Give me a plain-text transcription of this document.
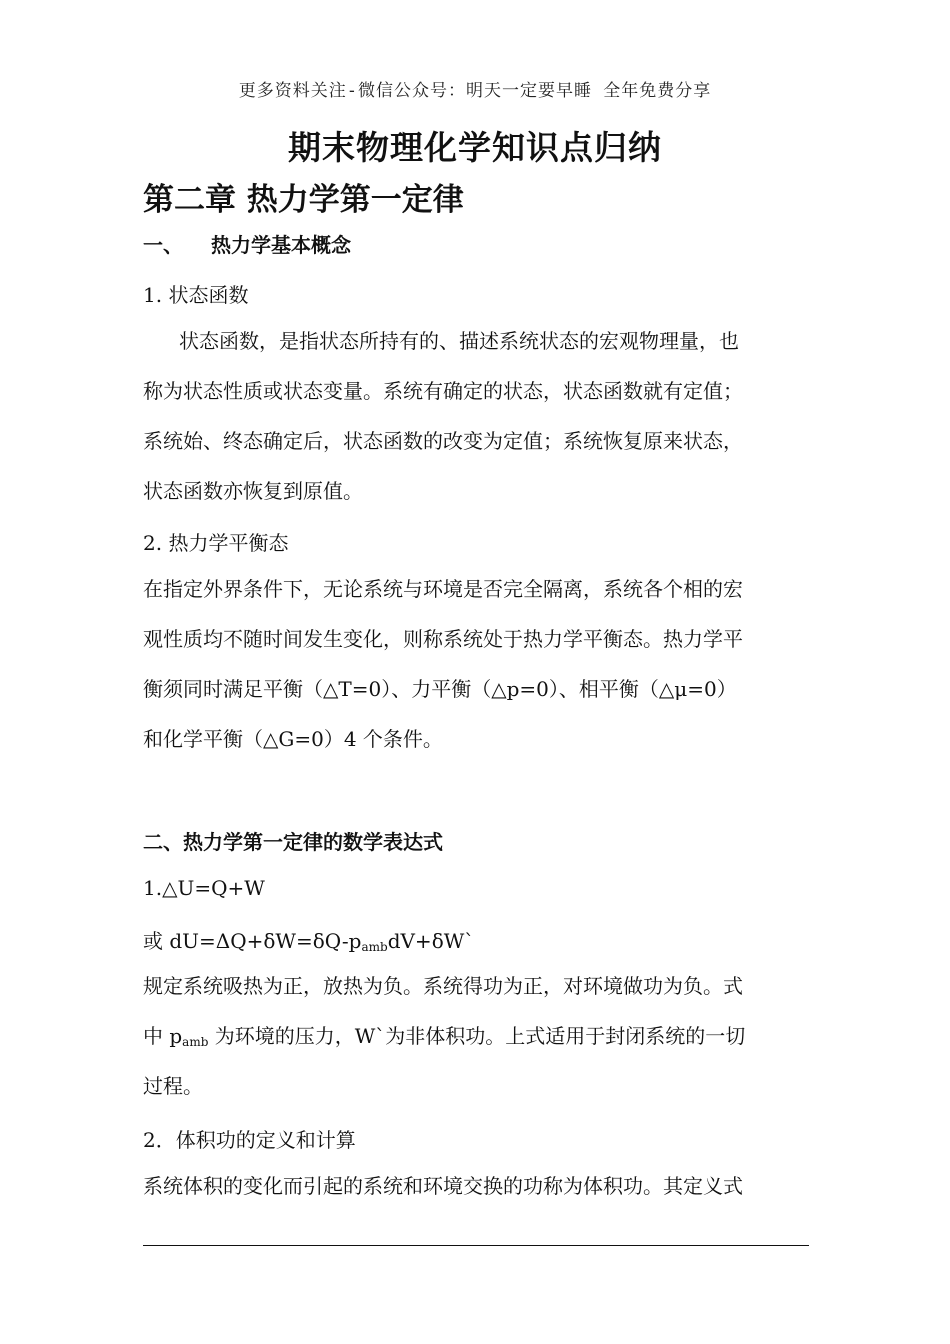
更多资料关注-微信公众号：明天一定要早睡 全年免费分享
期末物理化学知识点归纳
第二章 热力学第一定律
一、 热力学基本概念
1. 状态函数
状态函数，是指状态所持有的、描述系统状态的宏观物理量，也
称为状态性质或状态变量。系统有确定的状态，状态函数就有定值；
系统始、终态确定后，状态函数的改变为定值；系统恢复原来状态，
状态函数亦恢复到原值。
2. 热力学平衡态
在指定外界条件下，无论系统与环境是否完全隔离，系统各个相的宏
观性质均不随时间发生变化，则称系统处于热力学平衡态。热力学平
衡须同时满足平衡（△T=0）、力平衡（△p=0）、相平衡（△μ=0）
和化学平衡（△G=0）4 个条件。
二、热力学第一定律的数学表达式
1.△U=Q+W
或 $dU=\Delta Q+\delta W=\delta Q-p_{amb}dV+\delta W`$
规定系统吸热为正，放热为负。系统得功为正，对环境做功为负。式
中 $p_{amb}$ 为环境的压力，W`为非体积功。上式适用于封闭系统的一切
过程。
2．体积功的定义和计算
系统体积的变化而引起的系统和环境交换的功称为体积功。其定义式
